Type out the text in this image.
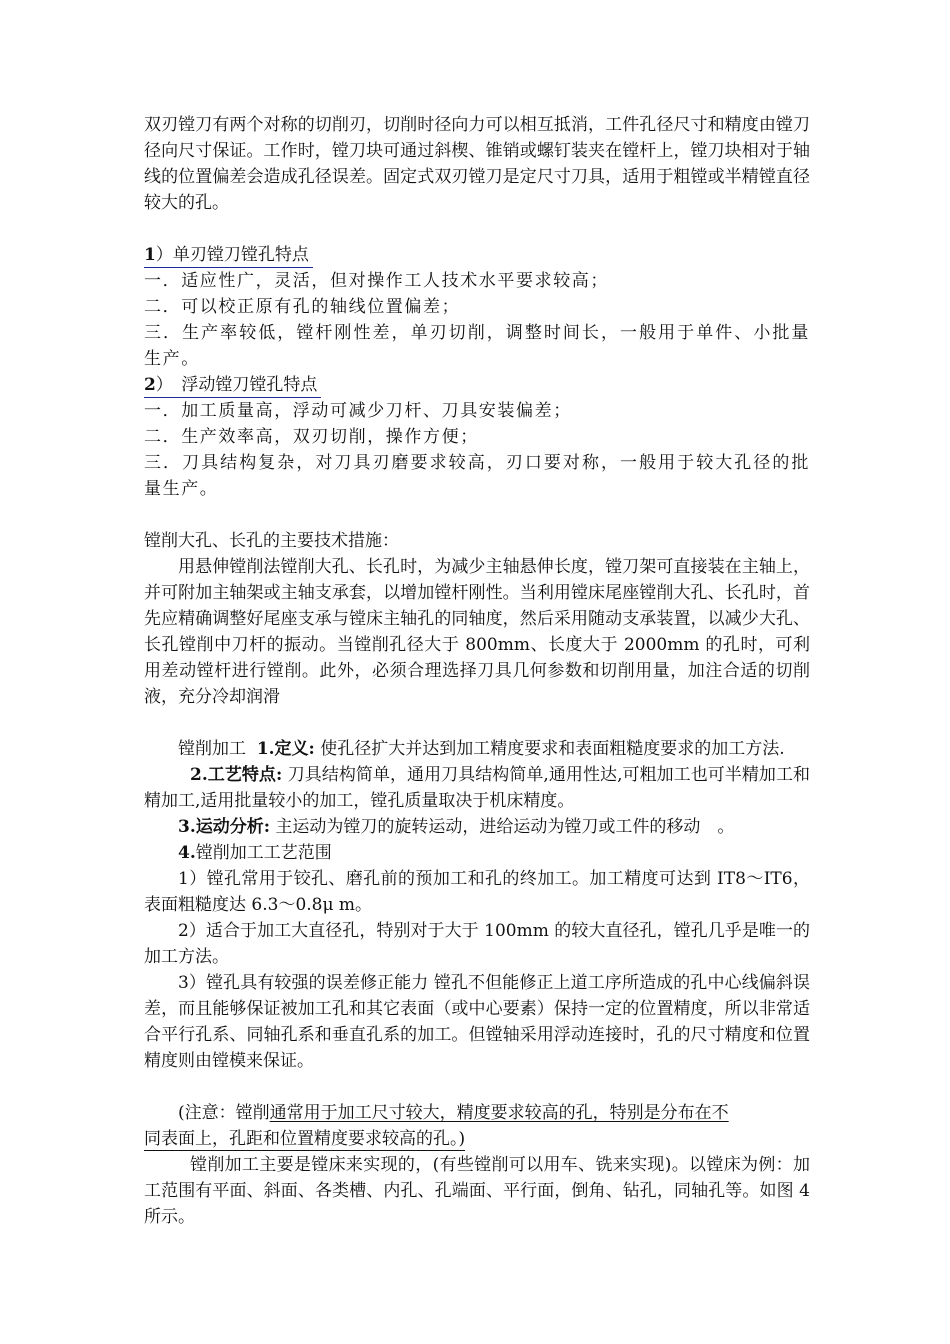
双刃镗刀有两个对称的切削刃，切削时径向力可以相互抵消，工件孔径尺寸和精度由镗刀径向尺寸保证。工作时，镗刀块可通过斜楔、锥销或螺钉装夹在镗杆上，镗刀块相对于轴线的位置偏差会造成孔径误差。固定式双刃镗刀是定尺寸刀具，适用于粗镗或半精镗直径较大的孔。

1）单刃镗刀镗孔特点

一．适应性广，灵活，但对操作工人技术水平要求较高；

二．可以校正原有孔的轴线位置偏差；

三．生产率较低，镗杆刚性差，单刃切削，调整时间长，一般用于单件、小批量生产。

2）　浮动镗刀镗孔特点

一．加工质量高，浮动可减少刀杆、刀具安装偏差；

二．生产效率高，双刃切削，操作方便；

三．刀具结构复杂，对刀具刃磨要求较高，刃口要对称，一般用于较大孔径的批量生产。

镗削大孔、长孔的主要技术措施：

用悬伸镗削法镗削大孔、长孔时，为减少主轴悬伸长度，镗刀架可直接装在主轴上，并可附加主轴架或主轴支承套，以增加镗杆刚性。当利用镗床尾座镗削大孔、长孔时，首先应精确调整好尾座支承与镗床主轴孔的同轴度，然后采用随动支承装置，以减少大孔、长孔镗削中刀杆的振动。当镗削孔径大于 800mm、长度大于 2000mm 的孔时，可利用差动镗杆进行镗削。此外，必须合理选择刀具几何参数和切削用量，加注合适的切削液，充分冷却润滑

镗削加工 1.定义: 使孔径扩大并达到加工精度要求和表面粗糙度要求的加工方法.

2.工艺特点: 刀具结构简单，通用刀具结构简单,通用性达,可粗加工也可半精加工和精加工,适用批量较小的加工，镗孔质量取决于机床精度。

3.运动分析: 主运动为镗刀的旋转运动，进给运动为镗刀或工件的移动　。

4.镗削加工工艺范围

1）镗孔常用于铰孔、磨孔前的预加工和孔的终加工。加工精度可达到 IT8～IT6，表面粗糙度达 6.3～0.8μ m。

2）适合于加工大直径孔，特别对于大于 100mm 的较大直径孔，镗孔几乎是唯一的加工方法。

3）镗孔具有较强的误差修正能力 镗孔不但能修正上道工序所造成的孔中心线偏斜误差，而且能够保证被加工孔和其它表面（或中心要素）保持一定的位置精度，所以非常适合平行孔系、同轴孔系和垂直孔系的加工。但镗轴采用浮动连接时，孔的尺寸精度和位置精度则由镗模来保证。

(注意：镗削通常用于加工尺寸较大，精度要求较高的孔，特别是分布在不

同表面上，孔距和位置精度要求较高的孔。)

镗削加工主要是镗床来实现的，(有些镗削可以用车、铣来实现)。以镗床为例：加工范围有平面、斜面、各类槽、内孔、孔端面、平行面，倒角、钻孔，同轴孔等。如图 4 所示。
